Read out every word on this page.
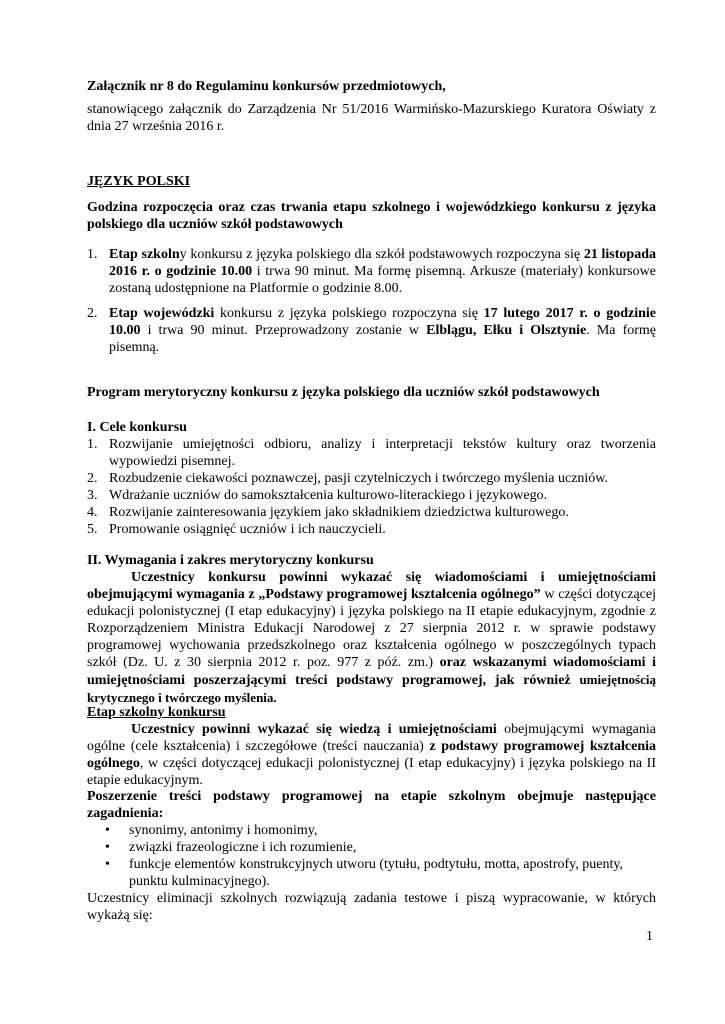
Załącznik nr 8 do Regulaminu konkursów przedmiotowych,
stanowiącego załącznik do Zarządzenia Nr 51/2016 Warmińsko-Mazurskiego Kuratora Oświaty z dnia 27 września 2016 r.
JĘZYK POLSKI
Godzina rozpoczęcia oraz czas trwania etapu szkolnego i wojewódzkiego konkursu z języka polskiego dla uczniów szkół podstawowych
1. Etap szkolny konkursu z języka polskiego dla szkół podstawowych rozpoczyna się 21 listopada 2016 r. o godzinie 10.00 i trwa 90 minut. Ma formę pisemną. Arkusze (materiały) konkursowe zostaną udostępnione na Platformie o godzinie 8.00.
2. Etap wojewódzki konkursu z języka polskiego rozpoczyna się 17 lutego 2017 r. o godzinie 10.00 i trwa 90 minut. Przeprowadzony zostanie w Elblągu, Ełku i Olsztynie. Ma formę pisemną.
Program merytoryczny konkursu z języka polskiego dla uczniów szkół podstawowych
I. Cele konkursu
1. Rozwijanie umiejętności odbioru, analizy i interpretacji tekstów kultury oraz tworzenia wypowiedzi pisemnej.
2. Rozbudzenie ciekawości poznawczej, pasji czytelniczych i twórczego myślenia uczniów.
3. Wdrażanie uczniów do samokształcenia kulturowo-literackiego i językowego.
4. Rozwijanie zainteresowania językiem jako składnikiem dziedzictwa kulturowego.
5. Promowanie osiągnięć uczniów i ich nauczycieli.
II. Wymagania i zakres merytoryczny konkursu
Uczestnicy konkursu powinni wykazać się wiadomościami i umiejętnościami obejmującymi wymagania z „Podstawy programowej kształcenia ogólnego” w części dotyczącej edukacji polonistycznej (I etap edukacyjny) i języka polskiego na II etapie edukacyjnym, zgodnie z Rozporządzeniem Ministra Edukacji Narodowej z 27 sierpnia 2012 r. w sprawie podstawy programowej wychowania przedszkolnego oraz kształcenia ogólnego w poszczególnych typach szkół (Dz. U. z 30 sierpnia 2012 r. poz. 977 z póź. zm.) oraz wskazanymi wiadomościami i umiejętnościami poszerzającymi treści podstawy programowej, jak również umiejętnością krytycznego i twórczego myślenia.
Etap szkolny konkursu
Uczestnicy powinni wykazać się wiedzą i umiejętnościami obejmującymi wymagania ogólne (cele kształcenia) i szczegółowe (treści nauczania) z podstawy programowej kształcenia ogólnego, w części dotyczącej edukacji polonistycznej (I etap edukacyjny) i języka polskiego na II etapie edukacyjnym.
Poszerzenie treści podstawy programowej na etapie szkolnym obejmuje następujące zagadnienia:
• synonimy, antonimy i homonimy,
• związki frazeologiczne i ich rozumienie,
• funkcje elementów konstrukcyjnych utworu (tytułu, podtytułu, motta, apostrofy, puenty, punktu kulminacyjnego).
Uczestnicy eliminacji szkolnych rozwiązują zadania testowe i piszą wypracowanie, w których wykażą się:
1
